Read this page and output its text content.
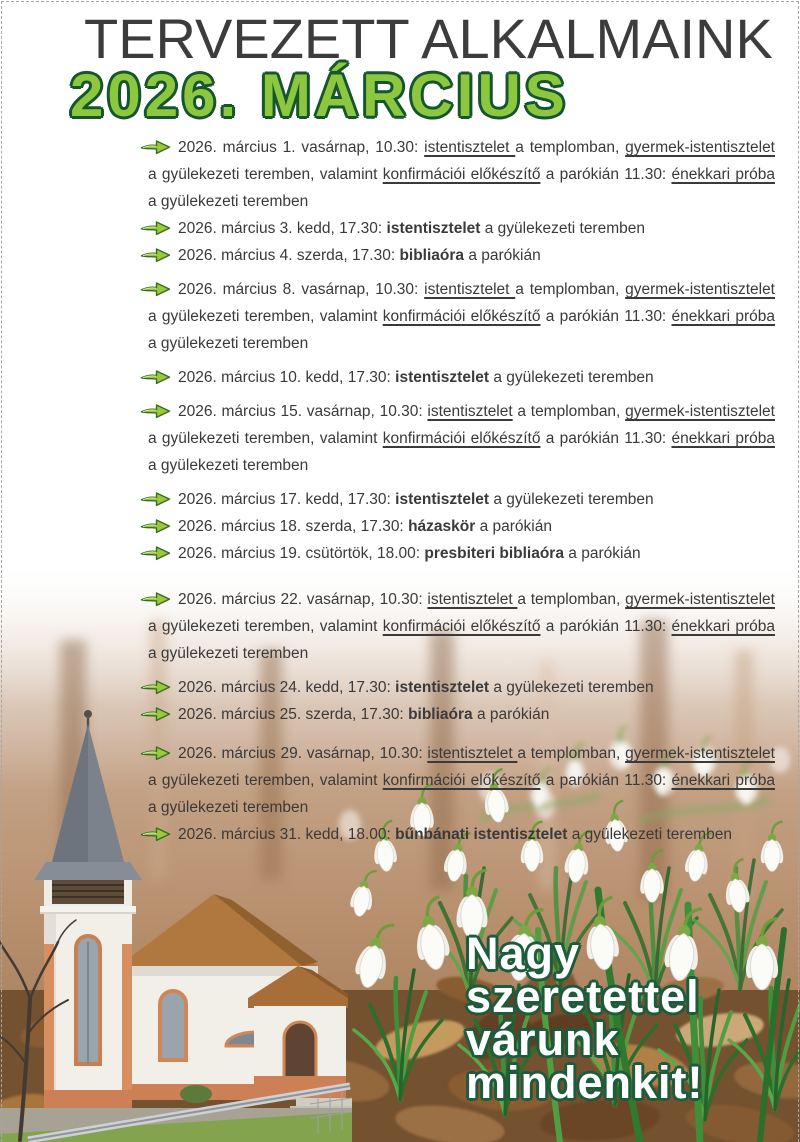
TERVEZETT ALKALMAINK
2026. MÁRCIUS

2026. március 1. vasárnap, 10.30: istentisztelet a templomban, gyermek-istentisztelet a gyülekezeti teremben, valamint konfirmációi előkészítő a parókián 11.30: énekkari próba a gyülekezeti teremben

2026. március 3. kedd, 17.30: istentisztelet a gyülekezeti teremben

2026. március 4. szerda, 17.30: bibliaóra a parókián

2026. március 8. vasárnap, 10.30: istentisztelet a templomban, gyermek-istentisztelet a gyülekezeti teremben, valamint konfirmációi előkészítő a parókián 11.30: énekkari próba a gyülekezeti teremben

2026. március 10. kedd, 17.30: istentisztelet a gyülekezeti teremben

2026. március 15. vasárnap, 10.30: istentisztelet a templomban, gyermek-istentisztelet a gyülekezeti teremben, valamint konfirmációi előkészítő a parókián 11.30: énekkari próba a gyülekezeti teremben

2026. március 17. kedd, 17.30: istentisztelet a gyülekezeti teremben

2026. március 18. szerda, 17.30: házaskör a parókián

2026. március 19. csütörtök, 18.00: presbiteri bibliaóra a parókián

2026. március 22. vasárnap, 10.30: istentisztelet a templomban, gyermek-istentisztelet a gyülekezeti teremben, valamint konfirmációi előkészítő a parókián 11.30: énekkari próba a gyülekezeti teremben

2026. március 24. kedd, 17.30: istentisztelet a gyülekezeti teremben

2026. március 25. szerda, 17.30: bibliaóra a parókián

2026. március 29. vasárnap, 10.30: istentisztelet a templomban, gyermek-istentisztelet a gyülekezeti teremben, valamint konfirmációi előkészítő a parókián 11.30: énekkari próba a gyülekezeti teremben

2026. március 31. kedd, 18.00: bűnbánati istentisztelet a gyülekezeti teremben

Nagy
szeretettel
várunk
mindenkit!
